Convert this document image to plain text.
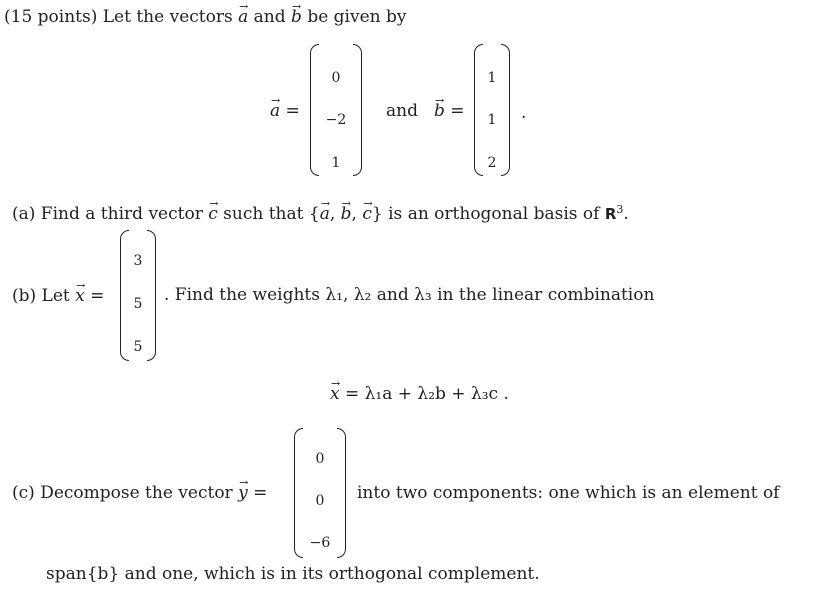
(15 points) Let the vectors → a and → b be given by
→ a =
0
−2
1
and → b =
1
1
2
.
(a) Find a third vector → c such that {→ a, → b, → c} is an orthogonal basis of $R^3$.
(b) Let → x =
3
5
5
. Find the weights λ₁, λ₂ and λ₃ in the linear combination
→ x = λ₁a + λ₂b + λ₃c .
(c) Decompose the vector → y =
0
0
−6
into two components: one which is an element of
span{b} and one, which is in its orthogonal complement.
